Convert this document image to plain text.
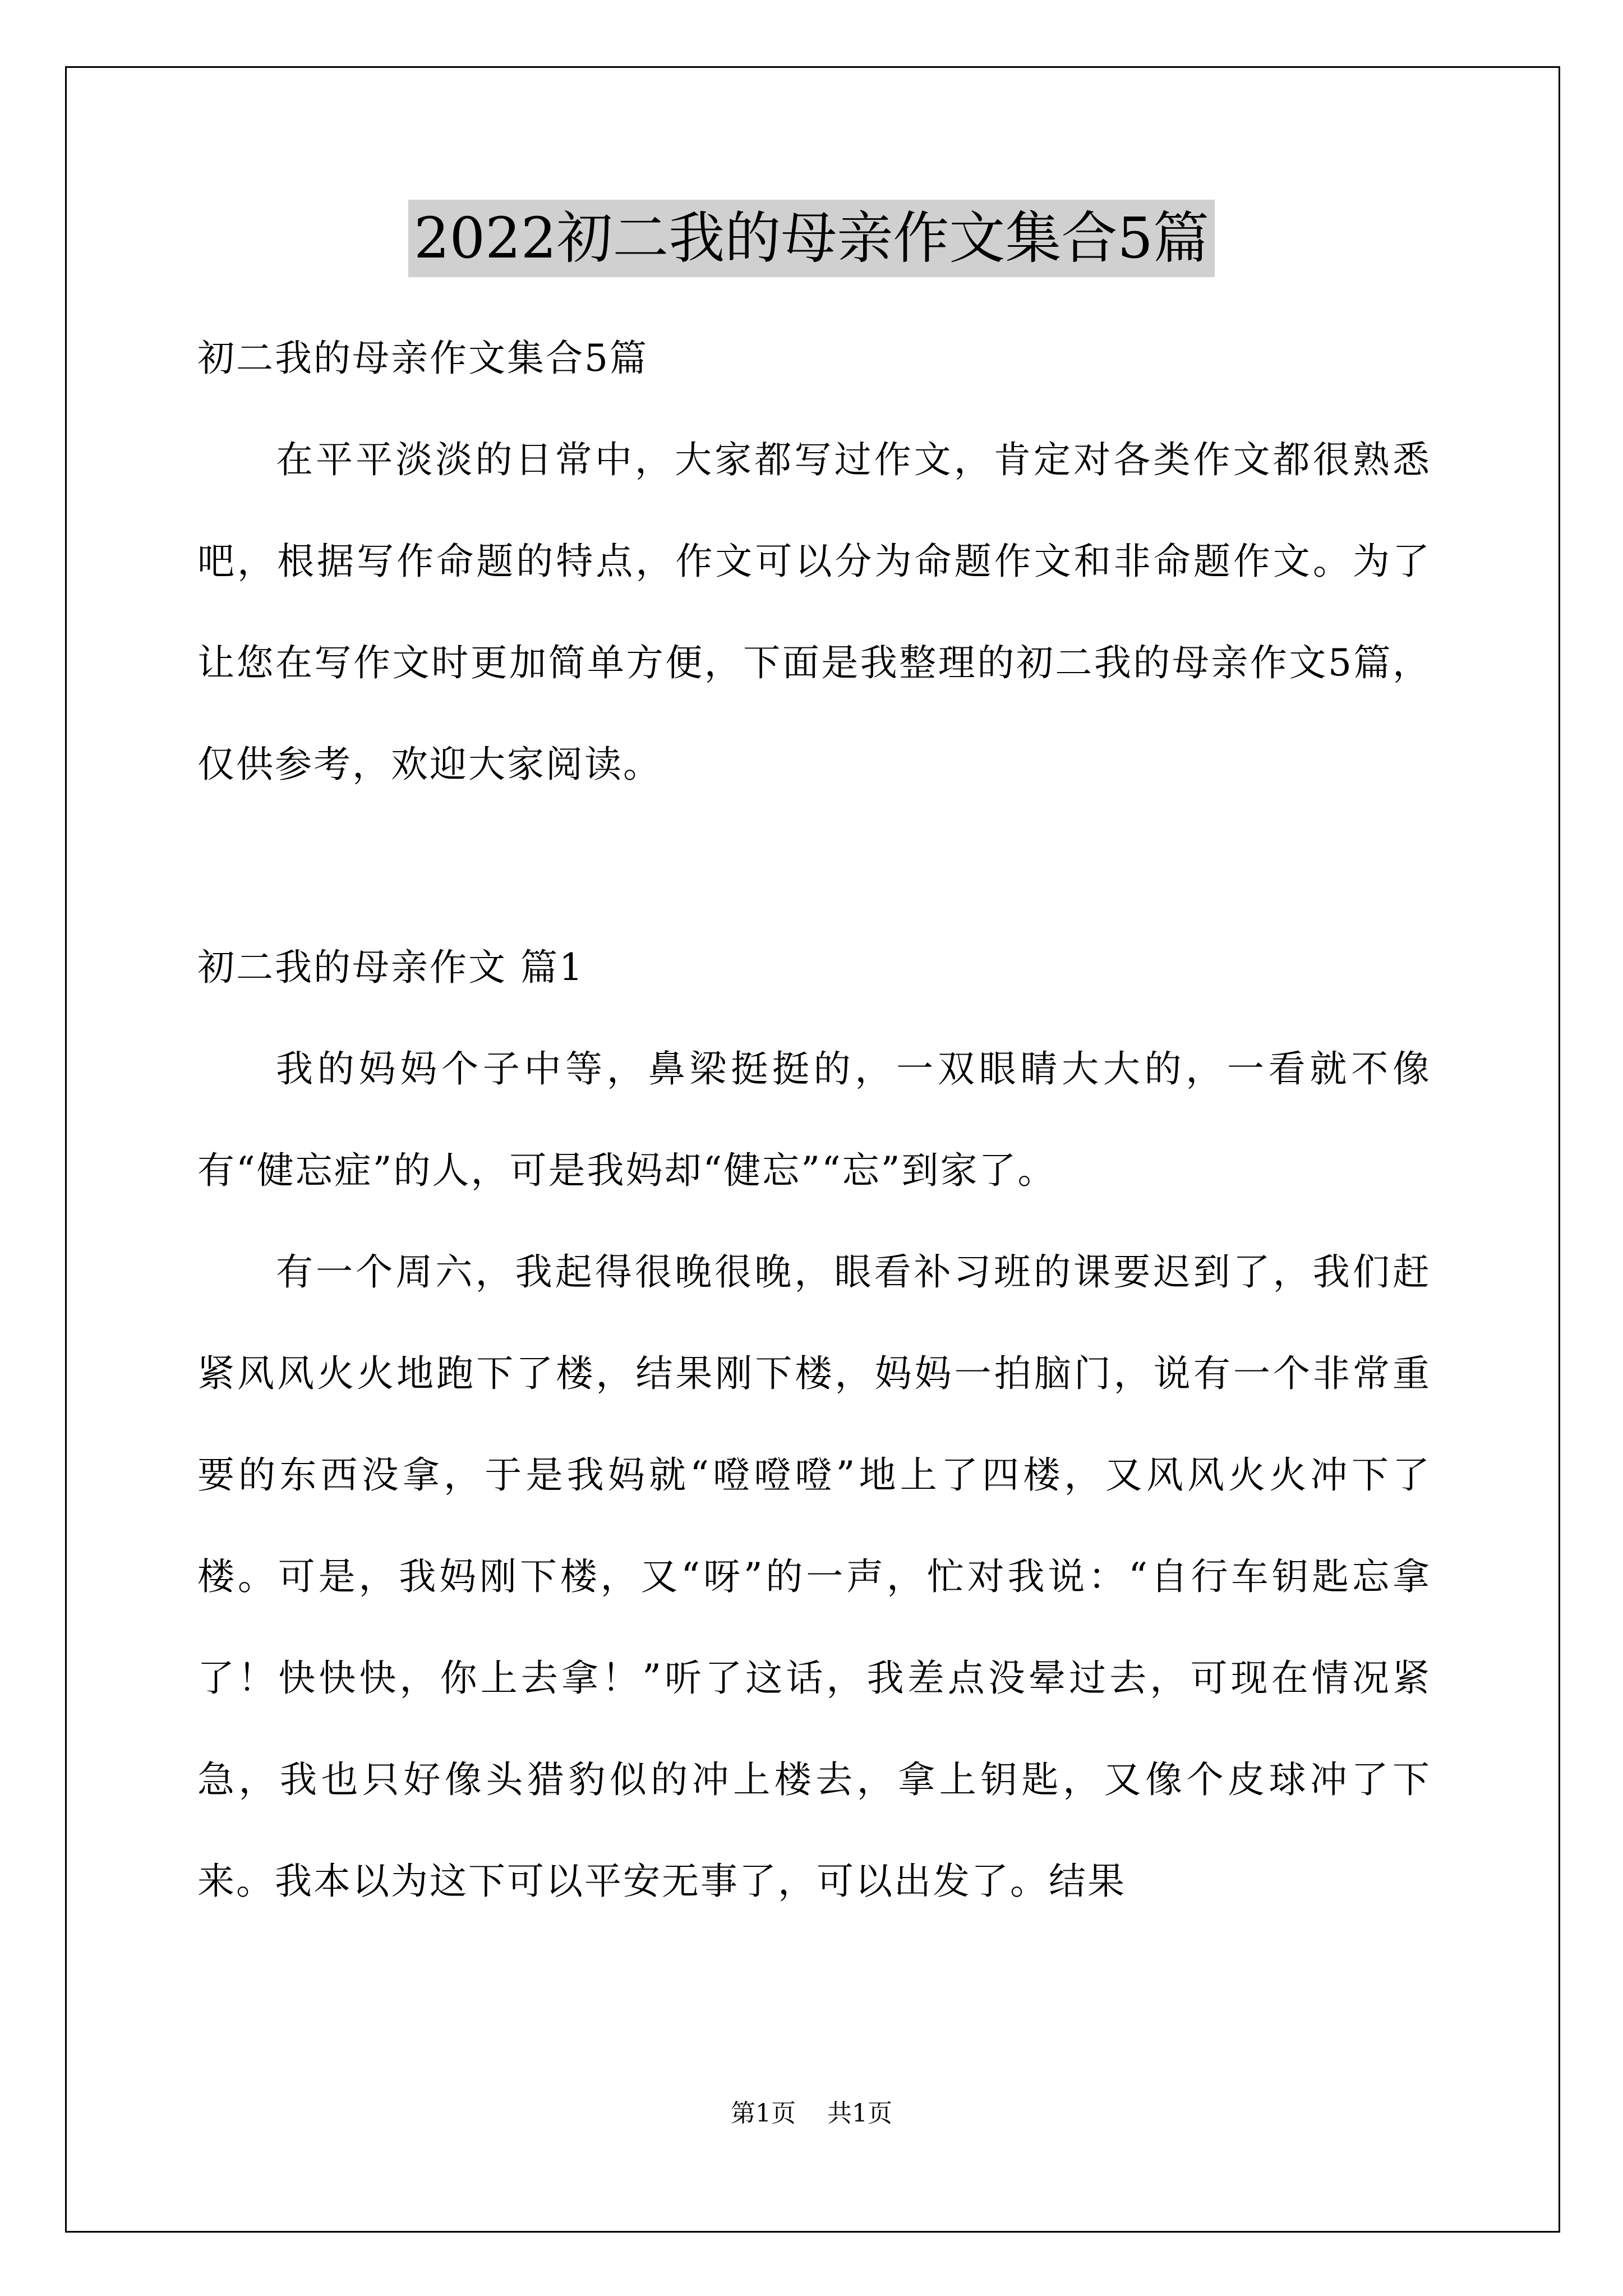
2022初二我的母亲作文集合5篇

初二我的母亲作文集合5篇

在平平淡淡的日常中，大家都写过作文，肯定对各类作文都很熟悉吧，根据写作命题的特点，作文可以分为命题作文和非命题作文。为了让您在写作文时更加简单方便，下面是我整理的初二我的母亲作文5篇，仅供参考，欢迎大家阅读。

初二我的母亲作文 篇1

我的妈妈个子中等，鼻梁挺挺的，一双眼睛大大的，一看就不像有“健忘症”的人，可是我妈却“健忘”“忘”到家了。

有一个周六，我起得很晚很晚，眼看补习班的课要迟到了，我们赶紧风风火火地跑下了楼，结果刚下楼，妈妈一拍脑门，说有一个非常重要的东西没拿，于是我妈就“噔噔噔”地上了四楼，又风风火火冲下了楼。可是，我妈刚下楼，又“呀”的一声，忙对我说：“自行车钥匙忘拿了！快快快，你上去拿！”听了这话，我差点没晕过去，可现在情况紧急，我也只好像头猎豹似的冲上楼去，拿上钥匙，又像个皮球冲了下来。我本以为这下可以平安无事了，可以出发了。结果

第1页 共1页
